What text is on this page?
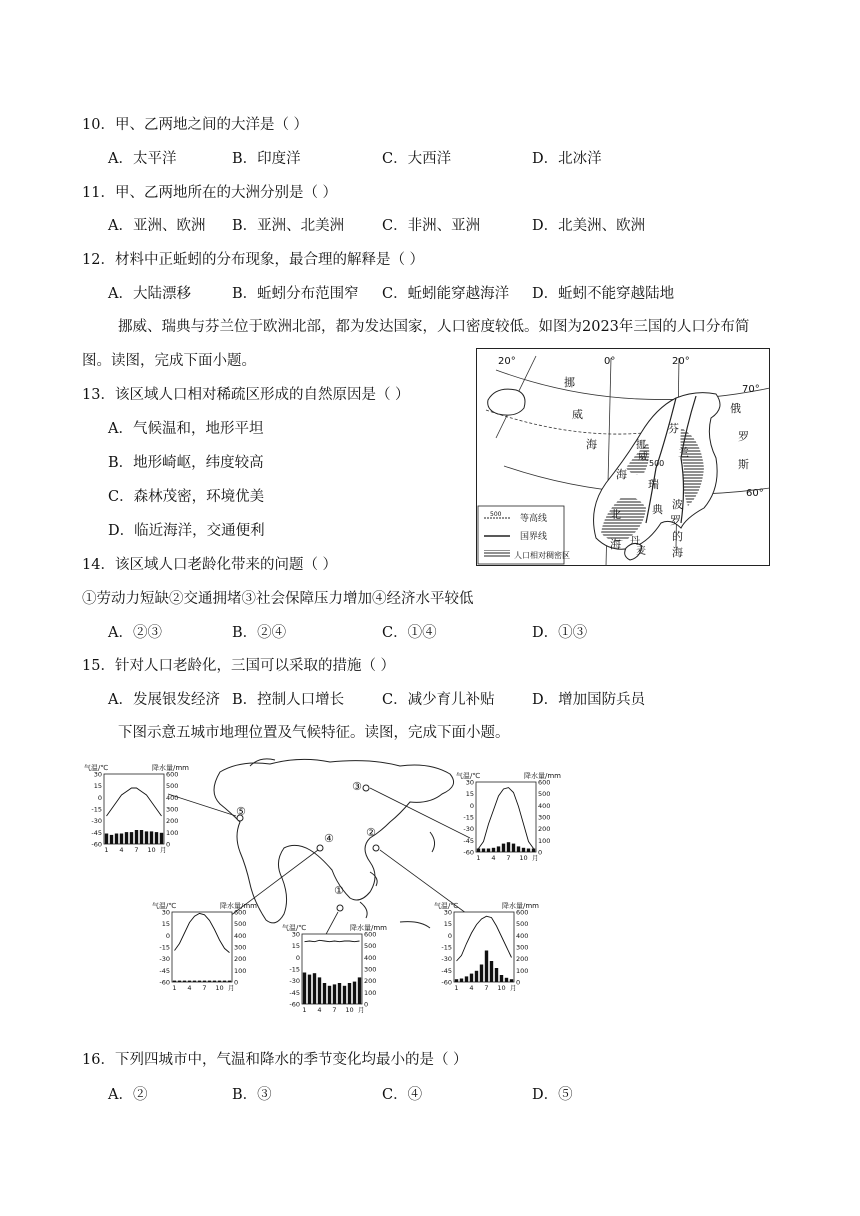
10．甲、乙两地之间的大洋是（ ）
A．太平洋	B．印度洋	C．大西洋	D．北冰洋
11．甲、乙两地所在的大洲分别是（ ）
A．亚洲、欧洲 B．亚洲、北美洲	C．非洲、亚洲	D．北美洲、欧洲
12．材料中正蚯蚓的分布现象，最合理的解释是（ ）
A．大陆漂移	B．蚯蚓分布范围窄 C．蚯蚓能穿越海洋 D．蚯蚓不能穿越陆地
挪威、瑞典与芬兰位于欧洲北部，都为发达国家，人口密度较低。如图为2023年三国的人口分布简
图。读图，完成下面小题。
13．该区域人口相对稀疏区形成的自然原因是（ ）
A．气候温和，地形平坦
B．地形崎岖，纬度较高
C．森林茂密，环境优美
D．临近海洋，交通便利
14．该区域人口老龄化带来的问题（ ）
①劳动力短缺②交通拥堵③社会保障压力增加④经济水平较低
A．②③	B．②④	C．①④	D．①③
15．针对人口老龄化，三国可以采取的措施（ ）
A．发展银发经济 B．控制人口增长	C．减少育儿补贴	D．增加国防兵员
下图示意五城市地理位置及气候特征。读图，完成下面小题。
16．下列四城市中，气温和降水的季节变化均最小的是（ ）
A．②	B．③	C．④	D．⑤
20°	0°	20°
70°
60°
挪
威
海
海
芬
兰
俄
罗
斯
北
海 丹
麦
波
罗
的
海
瑞
典
挪
威
500
500 等高线
国界线
人口相对稠密区
⑤
③
④	②
①
气温/℃	降水量/mm
30
15
0
-15
-30
-45
-60
600
500
400
300
200
100
0
1 4 7 10 月
气温/℃	降水量/mm
30
15
0
-15
-30
-45
-60
600
500
400
300
200
100
0
1 4 7 10 月
气温/℃	降水量/mm
30
15
0
-15
-30
-45
-60
600
500
400
300
200
100
0
1 4 7 10 月
气温/℃	降水量/mm
30
15
0
-15
-30
-45
-60
600
500
400
300
200
100
0
1 4 7 10 月
气温/℃	降水量/mm
30
15
0
-15
-30
-45
-60
600
500
400
300
200
100
0
1 4 7 10 月
